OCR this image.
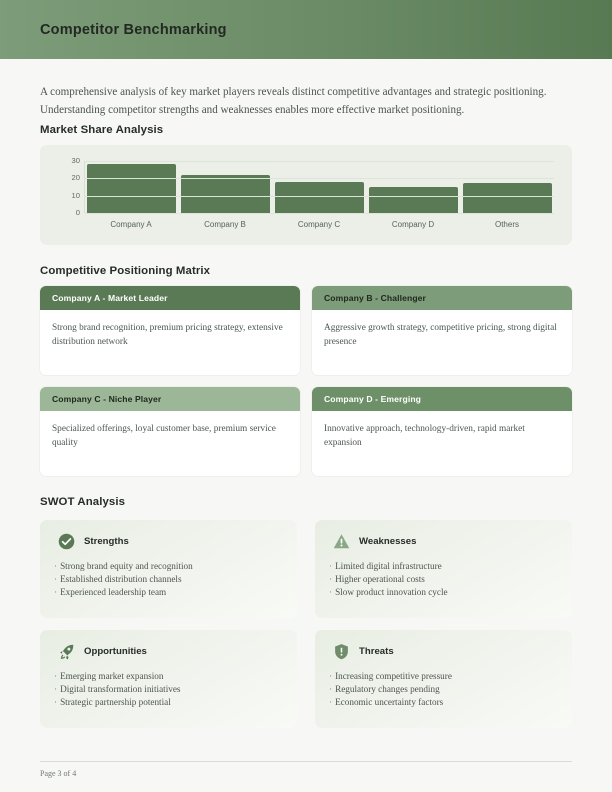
Competitor Benchmarking

A comprehensive analysis of key market players reveals distinct competitive advantages and strategic positioning. Understanding competitor strengths and weaknesses enables more effective market positioning.

Market Share Analysis
0
10
20
30
Company A	Company B	Company C	Company D	Others
Competitive Positioning Matrix
Company A - Market Leader
Strong brand recognition, premium pricing strategy, extensive distribution network
Company B - Challenger
Aggressive growth strategy, competitive pricing, strong digital presence
Company C - Niche Player
Specialized offerings, loyal customer base, premium service quality
Company D - Emerging
Innovative approach, technology-driven, rapid market expansion
SWOT Analysis
Strengths
· Strong brand equity and recognition
· Established distribution channels
· Experienced leadership team
Weaknesses
· Limited digital infrastructure
· Higher operational costs
· Slow product innovation cycle
Opportunities
· Emerging market expansion
· Digital transformation initiatives
· Strategic partnership potential
Threats
· Increasing competitive pressure
· Regulatory changes pending
· Economic uncertainty factors
Page 3 of 4
